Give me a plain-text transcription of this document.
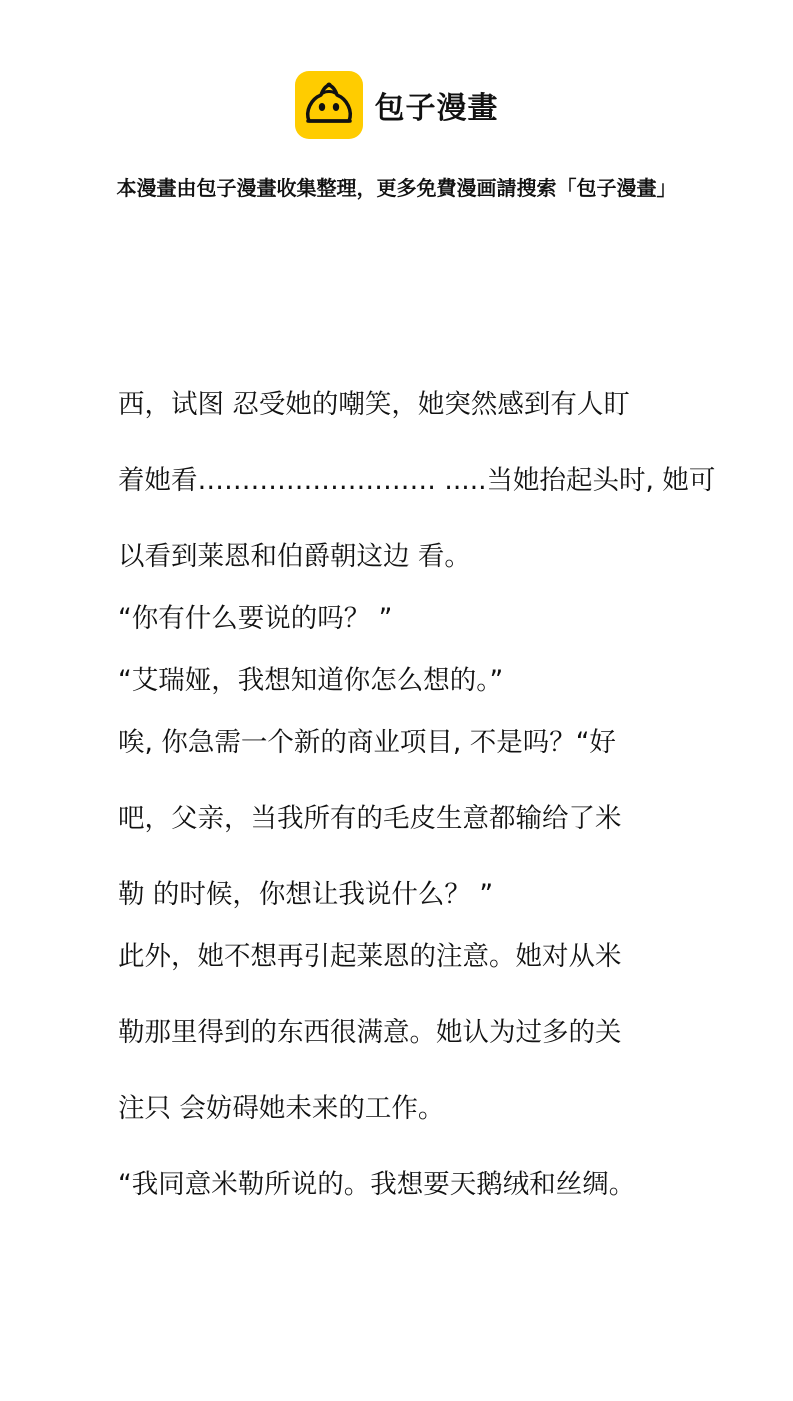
包子漫畫
本漫畫由包子漫畫收集整理，更多免費漫画請搜索「包子漫畫」
西，试图 忍受她的嘲笑，她突然感到有人盯
着她看……………………… .....当她抬起头时, 她可
以看到莱恩和伯爵朝这边 看。
“你有什么要说的吗？ ”
“艾瑞娅，我想知道你怎么想的。”
唉, 你急需一个新的商业项目, 不是吗？“好
吧，父亲，当我所有的毛皮生意都输给了米
勒 的时候，你想让我说什么？ ”
此外，她不想再引起莱恩的注意。她对从米
勒那里得到的东西很满意。她认为过多的关
注只 会妨碍她未来的工作。
“我同意米勒所说的。我想要天鹅绒和丝绸。
